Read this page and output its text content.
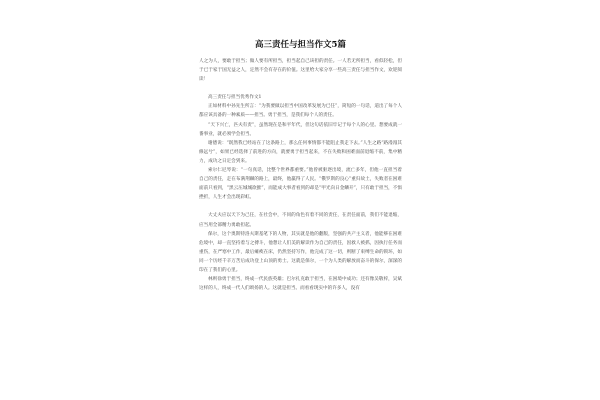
高三责任与担当作文5篇

人之为人，要敢于担当；做人要有所担当，担当起自己该担的责任。一人若无所担当，看似轻松，但于已于家于国无益之人，定然不会有存在的价值。这里给大家分享一些高三责任与担当作文，欢迎阅读！

高三责任与担当优秀作文1

正如材料中孙先生所言：“为我要做以担当中国改革发展为已任”，简短的一句话，道出了每个人都应该具备的一种素质——担当。勇于担当，是我们每个人的责任。

“天下兴亡，匹夫有责”，虽然现在是和平年代，但这句话依旧牢记于每个人的心里。想要成就一番事业，就必须学会担当。

谢德说：“既然我已经站在了这条路上，那么任何事情都不能阻止我走下去。”人生之路“路漫漫其修远兮”，如果已经选择了前进的方向，就要勇于担当起来，不在失败和困难面前退缩不前，集中精力，成功之日定会到来。

索尔仁尼琴说：“一句真话，比整个世界都重要。”他曾被驱逐出境，流亡多年，但他一直担当着自己的责任，走在布满荆棘的路上，最终，他赢得了人民。“俄罗斯的良心”重归故土，失败者在困难面前只看到，“黑云压城城欲摧”，而能成大事者看到的却是“甲光向日金鳞开”，只有敢于担当，不惧挫折，人生才会出现彩虹。

大丈夫应以天下为己任，在社会中，不同的角色有着不同的责任，在责任面前，我们不能退缩，应当用全部精力勇敢担起。

保尔，这个奥斯特洛夫斯基笔下的人物，其实就是他的翻版，坚强的共产主义者，他能够在困难危境中，却一直坚持着与之搏斗，他想让人们美的解读作为自己的责任，因救人被抓，因执行任务而重伤，在严寒中工作，最后瘫痪在床，仍然坚持写作，他完成了这一切，则断了束缚生命的锁环，如同一个历经千辛万苦后成功登上山顶的勇士。这就是保尔，一个为人类的解放而奋斗的保尔，深深的印在了我们的心里。

林则徐勇于担当，终成一代民族英雄；巴尔扎克敢于担当，在困境中成功；还有像吴敬梓，吴斌这样的人，终成一代人们颂扬的人。这就是担当。而看看现实中的许多人，没有
